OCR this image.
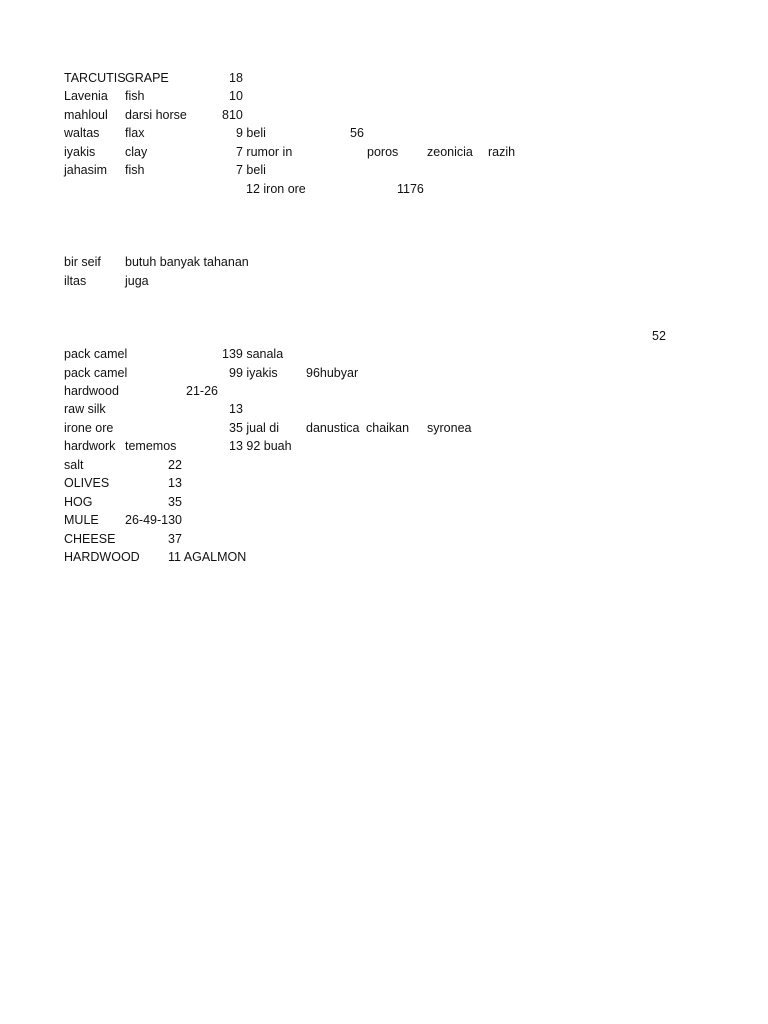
TARCUTIS GRAPE	18
Lavenia	fish	10
mahloul	darsi horse	810
waltas	flax	9 beli	56
iyakis	clay	7 rumor in	poros	zeonicia	razih
jahasim	fish	7 beli
12 iron ore	1176
bir seif	butuh banyak tahanan
iltas	juga
52
pack camel	139 sanala
pack camel	99 iyakis	96hubyar
hardwood	21-26
raw silk	13
irone ore	35 jual di	danustica chaikan	syronea
hardwork tememos	13 92 buah
salt	22
OLIVES	13
HOG	35
MULE	26-49-130
CHEESE	37
HARDWOOD 11 AGALMON
